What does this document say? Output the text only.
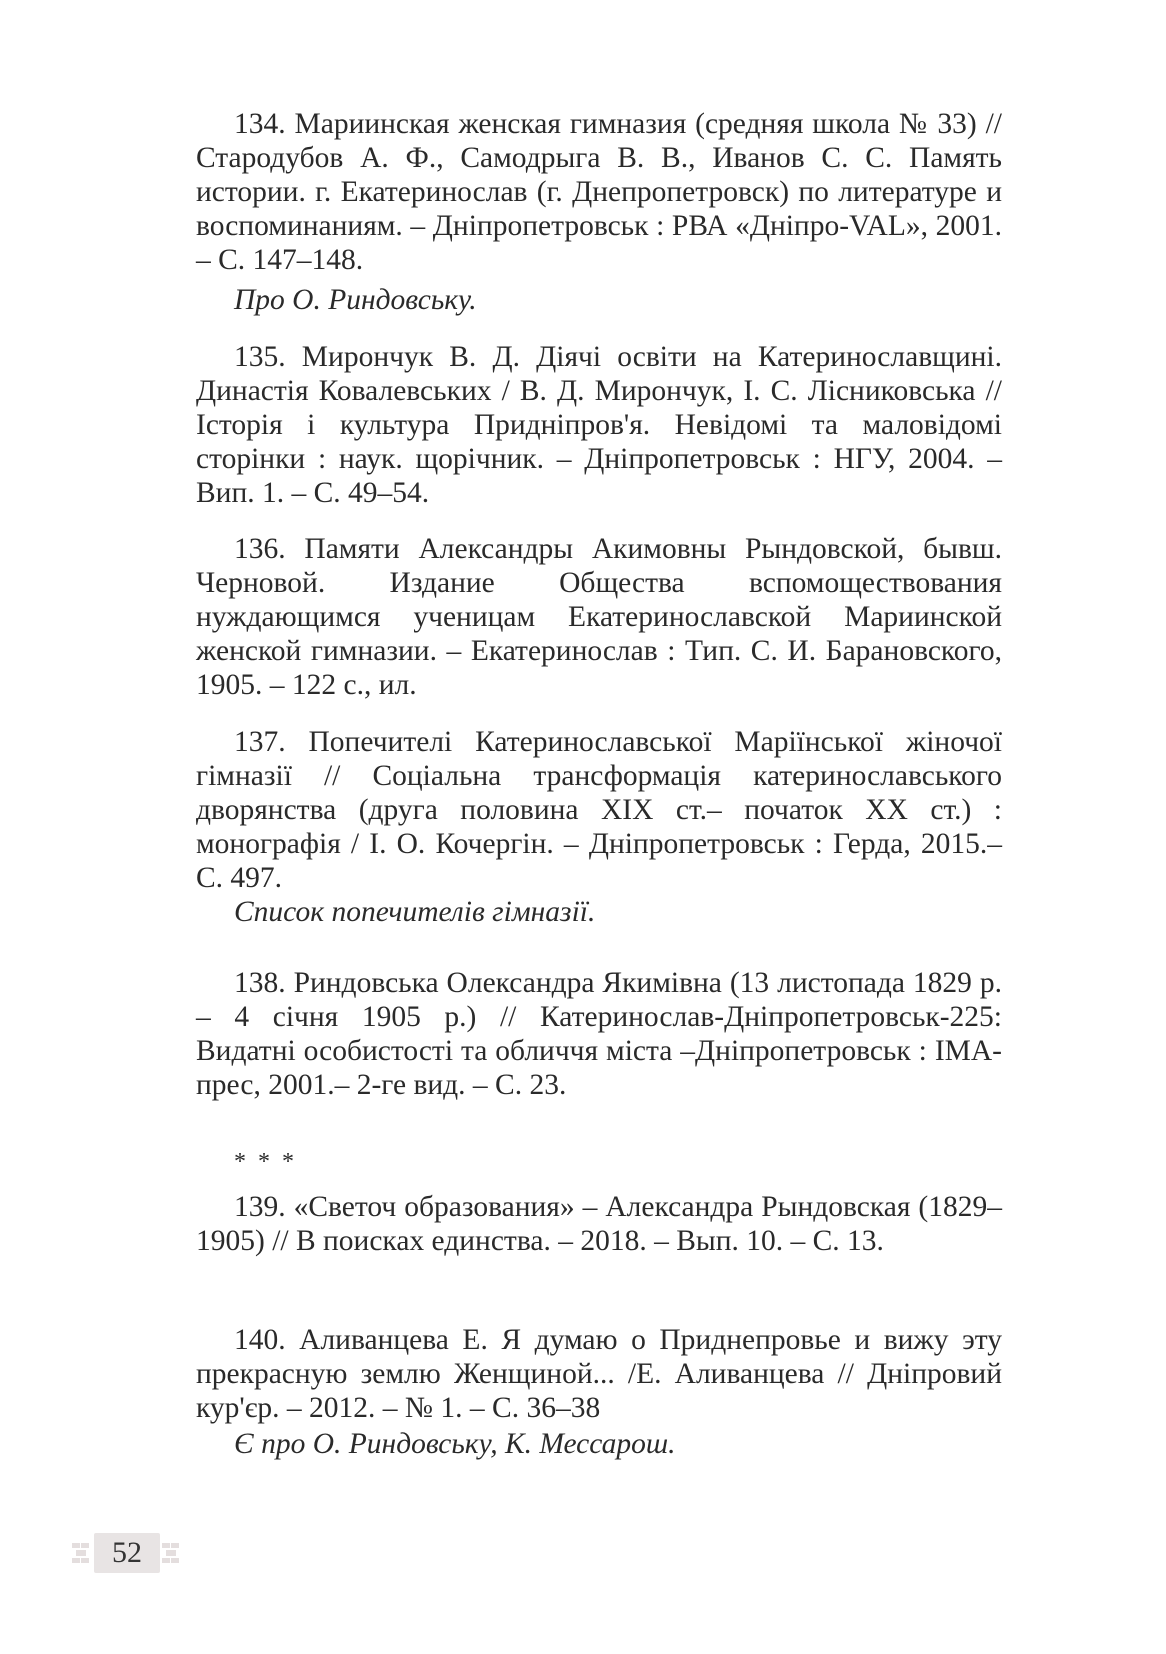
134. Мариинская женская гимназия (средняя школа № 33) // Стародубов А. Ф., Самодрыга В. В., Иванов С. С. Память истории. г. Екатеринослав (г. Днепропетровск) по литературе и воспоминаниям. – Дніпропетровськ : РВА «Дніпро-VAL», 2001. – С. 147–148.
Про О. Риндовську.
135. Мирончук В. Д. Діячі освіти на Катеринославщині. Династія Ковалевських / В. Д. Мирончук, І. С. Лісниковська // Історія і культура Придніпров'я. Невідомі та маловідомі сторінки : наук. щорічник. – Дніпропетровськ : НГУ, 2004. – Вип. 1. – С. 49–54.
136. Памяти Александры Акимовны Рындовской, бывш. Черновой. Издание Общества вспомоществования нуждающимся ученицам Екатеринославской Мариинской женской гимназии. – Екатеринослав : Тип. С. И. Барановского, 1905. – 122 с., ил.
137. Попечителі Катеринославської Маріїнської жіночої гімназії // Соціальна трансформація катеринославського дворянства (друга половина ХІХ ст.– початок ХХ ст.) : монографія / І. О. Кочергін. – Дніпропетровськ : Герда, 2015.– С. 497.
Список попечителів гімназії.
138. Риндовська Олександра Якимівна (13 листопада 1829 р. – 4 січня 1905 р.) // Катеринослав-Дніпропетровськ-225: Видатні особистості та обличчя міста –Дніпропетровськ : ІМА-прес, 2001.– 2-ге вид. – С. 23.
* * *
139. «Светоч образования» – Александра Рындовская (1829–1905) // В поисках единства. – 2018. – Вып. 10. – С. 13.
140. Аливанцева Е. Я думаю о Приднепровье и вижу эту прекрасную землю Женщиной... /Е. Аливанцева // Дніпровий кур'єр. – 2012. – № 1. – С. 36–38
Є про О. Риндовську, К. Мессарош.
52
